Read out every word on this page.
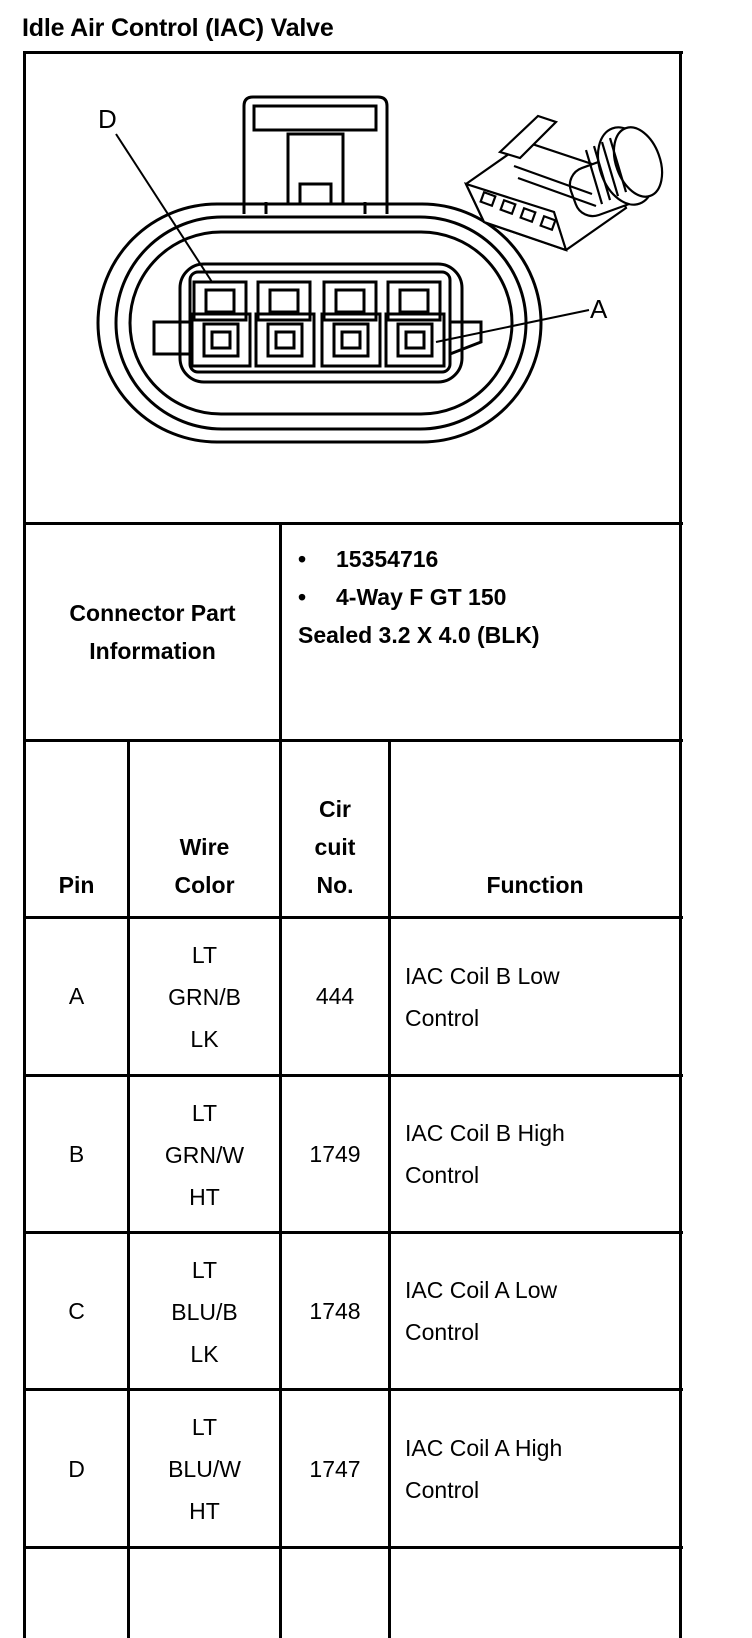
Idle Air Control (IAC) Valve
D
A
Connector Part
Information
• 15354716
• 4-Way F GT 150
Sealed 3.2 X 4.0 (BLK)
Pin
Wire
Color
Cir
cuit
No.	Function
A
LT
GRN/B
LK
444
IAC Coil B Low
Control
B
LT
GRN/W
HT
1749
IAC Coil B High
Control
C
LT
BLU/B
LK
1748
IAC Coil A Low
Control
D
LT
BLU/W
HT
1747
IAC Coil A High
Control
